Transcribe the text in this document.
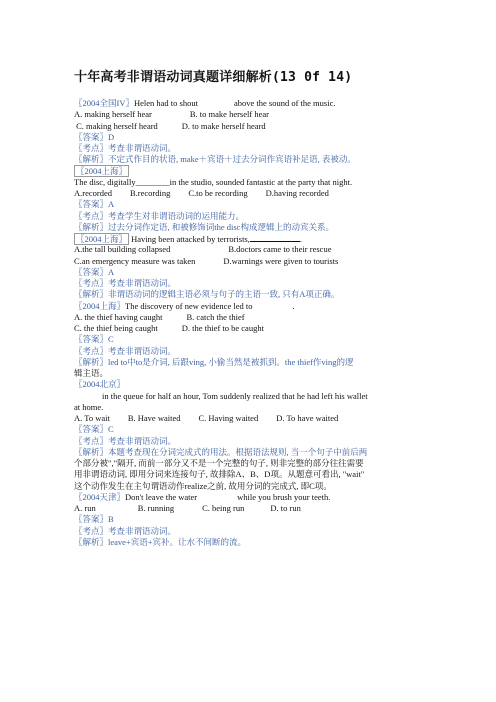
十年高考非谓语动词真题详细解析(13 0f 14)
〖2004全国IV〗Helen had to shout	above the sound of the music.
A. making herself hear	B. to make herself hear
C. making herself heard	D. to make herself heard
〖答案〗D
〖考点〗考查非谓语动词。
〖解析〗不定式作目的状语, make＋宾语＋过去分词作宾语补足语, 表被动。
〖2004上海〗
The disc, digitally________in the studio, sounded fantastic at the party that night.
A.recorded B.recording C.to be recording D.having recorded
〖答案〗A
〖考点〗考查学生对非谓语动词的运用能力。
〖解析〗过去分词作定语, 和被修饰词the disc构成逻辑上的动宾关系。
〖2004上海〗 Having been attacked by terrorists,	.
A.the tall building collapsed	B.doctors came to their rescue
C.an emergency measure was taken	D.warnings were given to tourists
〖答案〗A
〖考点〗考查非谓语动词。
〖解析〗非谓语动词的逻辑主语必须与句子的主语一致, 只有A项正确。
〖2004上海〗The discovery of new evidence led to	.
A. the thief having caught	B. catch the thief
C. the thief being caught	D. the thief to be caught
〖答案〗C
〖考点〗考查非谓语动词。
〖解析〗led to中to是介词, 后跟ving, 小偷当然是被抓到。the thief作ving的逻
辑主语。
〖2004北京〗
in the queue for half an hour, Tom suddenly realized that he had left his wallet
at home.
A. To wait B. Have waited C. Having waited D. To have waited
〖答案〗C
〖考点〗考查非谓语动词。
〖解析〗本题考查现在分词完成式的用法。根据语法规则, 当一个句子中前后两
个部分被","隔开, 而前一部分又不是一个完整的句子, 则非完整的部分往往需要
用非谓语动词, 即用分词来连接句子, 故排除A、B、D项。从题意可看出, "wait"
这个动作发生在主句谓语动作realize之前, 故用分词的完成式, 即C项。
〖2004天津〗Don't leave the water	while you brush your teeth.
A. run	B. running	C. being run	D. to run
〖答案〗B
〖考点〗考查非谓语动词。
〖解析〗leave+宾语+宾补。让水不间断的流。
